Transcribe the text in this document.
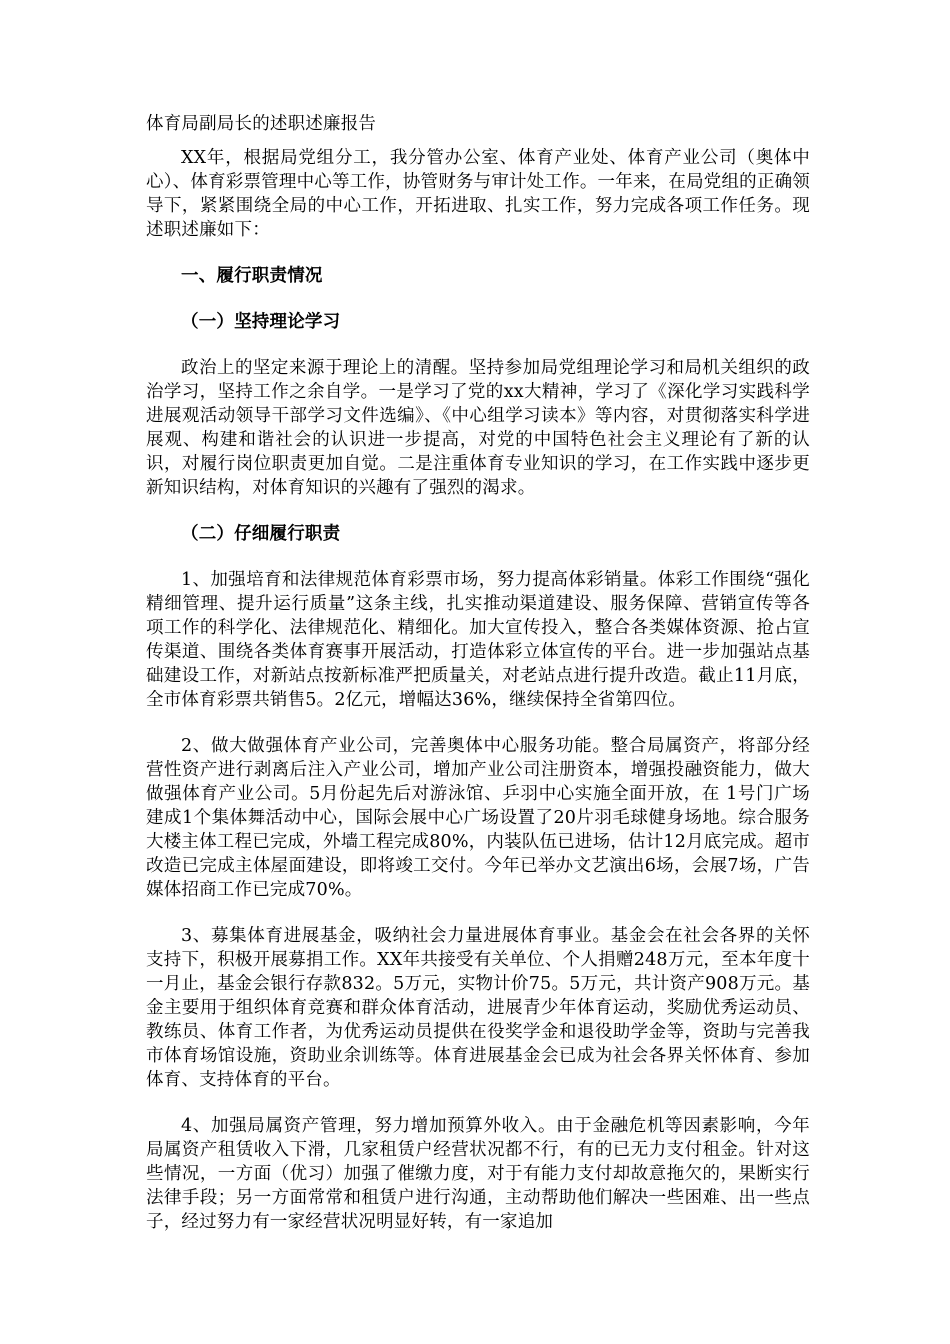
体育局副局长的述职述廉报告

XX年，根据局党组分工，我分管办公室、体育产业处、体育产业公司（奥体中心）、体育彩票管理中心等工作，协管财务与审计处工作。一年来，在局党组的正确领导下，紧紧围绕全局的中心工作，开拓进取、扎实工作，努力完成各项工作任务。现述职述廉如下：

一、履行职责情况

（一）坚持理论学习

政治上的坚定来源于理论上的清醒。坚持参加局党组理论学习和局机关组织的政治学习，坚持工作之余自学。一是学习了党的xx大精神，学习了《深化学习实践科学进展观活动领导干部学习文件选编》、《中心组学习读本》等内容，对贯彻落实科学进展观、构建和谐社会的认识进一步提高，对党的中国特色社会主义理论有了新的认识，对履行岗位职责更加自觉。二是注重体育专业知识的学习，在工作实践中逐步更新知识结构，对体育知识的兴趣有了强烈的渴求。

（二）仔细履行职责

1、加强培育和法律规范体育彩票市场，努力提高体彩销量。体彩工作围绕“强化精细管理、提升运行质量”这条主线，扎实推动渠道建设、服务保障、营销宣传等各项工作的科学化、法律规范化、精细化。加大宣传投入，整合各类媒体资源、抢占宣传渠道、围绕各类体育赛事开展活动，打造体彩立体宣传的平台。进一步加强站点基础建设工作，对新站点按新标准严把质量关，对老站点进行提升改造。截止11月底，全市体育彩票共销售5。2亿元，增幅达36%，继续保持全省第四位。

2、做大做强体育产业公司，完善奥体中心服务功能。整合局属资产，将部分经营性资产进行剥离后注入产业公司，增加产业公司注册资本，增强投融资能力，做大做强体育产业公司。5月份起先后对游泳馆、乒羽中心实施全面开放，在 1号门广场建成1个集体舞活动中心，国际会展中心广场设置了20片羽毛球健身场地。综合服务大楼主体工程已完成，外墙工程完成80%，内装队伍已进场，估计12月底完成。超市改造已完成主体屋面建设，即将竣工交付。今年已举办文艺演出6场，会展7场，广告媒体招商工作已完成70%。

3、募集体育进展基金，吸纳社会力量进展体育事业。基金会在社会各界的关怀支持下，积极开展募捐工作。XX年共接受有关单位、个人捐赠248万元，至本年度十一月止，基金会银行存款832。5万元，实物计价75。5万元，共计资产908万元。基金主要用于组织体育竞赛和群众体育活动，进展青少年体育运动，奖励优秀运动员、教练员、体育工作者，为优秀运动员提供在役奖学金和退役助学金等，资助与完善我市体育场馆设施，资助业余训练等。体育进展基金会已成为社会各界关怀体育、参加体育、支持体育的平台。

4、加强局属资产管理，努力增加预算外收入。由于金融危机等因素影响，今年局属资产租赁收入下滑，几家租赁户经营状况都不行，有的已无力支付租金。针对这些情况，一方面（优习）加强了催缴力度，对于有能力支付却故意拖欠的，果断实行法律手段；另一方面常常和租赁户进行沟通，主动帮助他们解决一些困难、出一些点子，经过努力有一家经营状况明显好转，有一家追加
